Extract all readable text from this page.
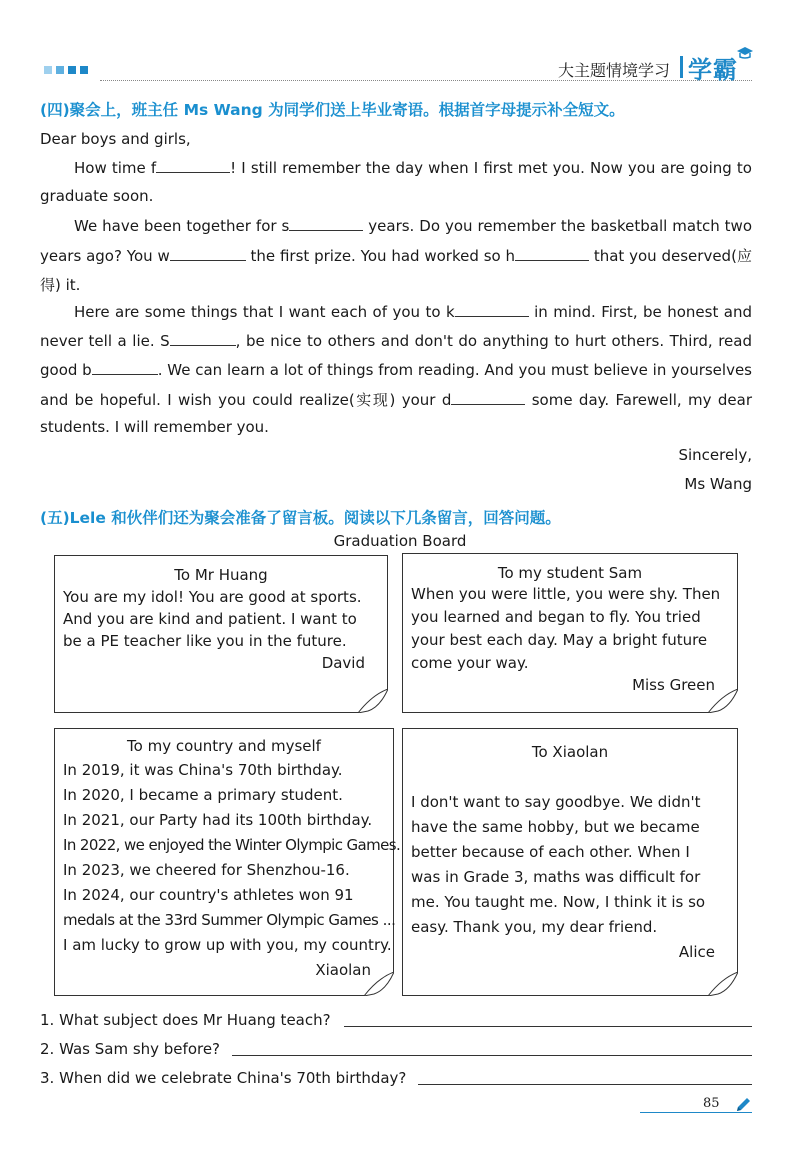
大主题情境学习 学霸
(四)聚会上，班主任 Ms Wang 为同学们送上毕业寄语。根据首字母提示补全短文。
Dear boys and girls,
How time f	! I still remember the day when I first met you. Now you are going to
graduate soon.
We have been together for s	years. Do you remember the basketball match two
years ago? You w	the first prize. You had worked so h	that you deserved(应
得) it.
Here are some things that I want each of you to k	in mind. First, be honest and
never tell a lie. S	, be nice to others and don't do anything to hurt others. Third, read
good b	. We can learn a lot of things from reading. And you must believe in yourselves
and be hopeful. I wish you could realize(实现) your d	some day. Farewell, my dear
students. I will remember you.
Sincerely,
Ms Wang
(五)Lele 和伙伴们还为聚会准备了留言板。阅读以下几条留言，回答问题。
Graduation Board
To Mr Huang
You are my idol! You are good at sports.
And you are kind and patient. I want to
be a PE teacher like you in the future.
David
To my student Sam
When you were little, you were shy. Then
you learned and began to fly. You tried
your best each day. May a bright future
come your way.
Miss Green
To my country and myself
In 2019, it was China's 70th birthday.
In 2020, I became a primary student.
In 2021, our Party had its 100th birthday.
In 2022, we enjoyed the Winter Olympic Games.
In 2023, we cheered for Shenzhou-16.
In 2024, our country's athletes won 91
medals at the 33rd Summer Olympic Games ...
I am lucky to grow up with you, my country.
Xiaolan
To Xiaolan
I don't want to say goodbye. We didn't
have the same hobby, but we became
better because of each other. When I
was in Grade 3, maths was difficult for
me. You taught me. Now, I think it is so
easy. Thank you, my dear friend.
Alice
1. What subject does Mr Huang teach?
2. Was Sam shy before?
3. When did we celebrate China's 70th birthday?
85
